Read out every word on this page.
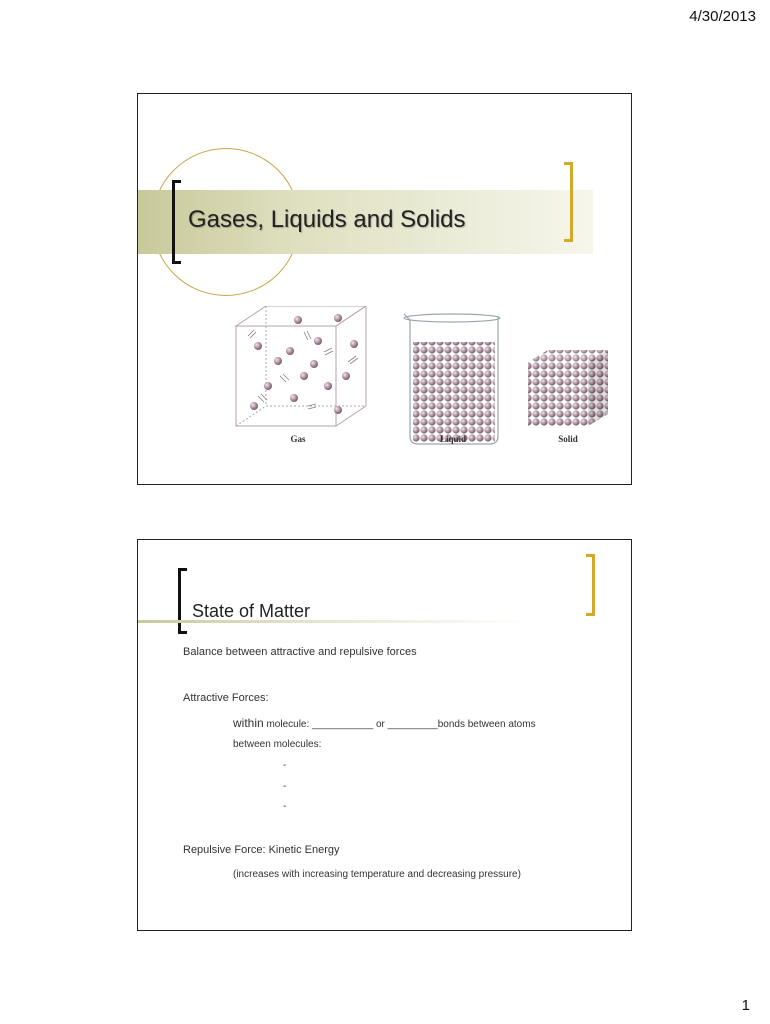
4/30/2013
Gases, Liquids and Solids
Gas	Liquid	Solid
State of Matter
Balance between attractive and repulsive forces
Attractive Forces:
within molecule: ___________ or _________bonds between atoms
between molecules:
-
-
-
Repulsive Force: Kinetic Energy
(increases with increasing temperature and decreasing pressure)
1
